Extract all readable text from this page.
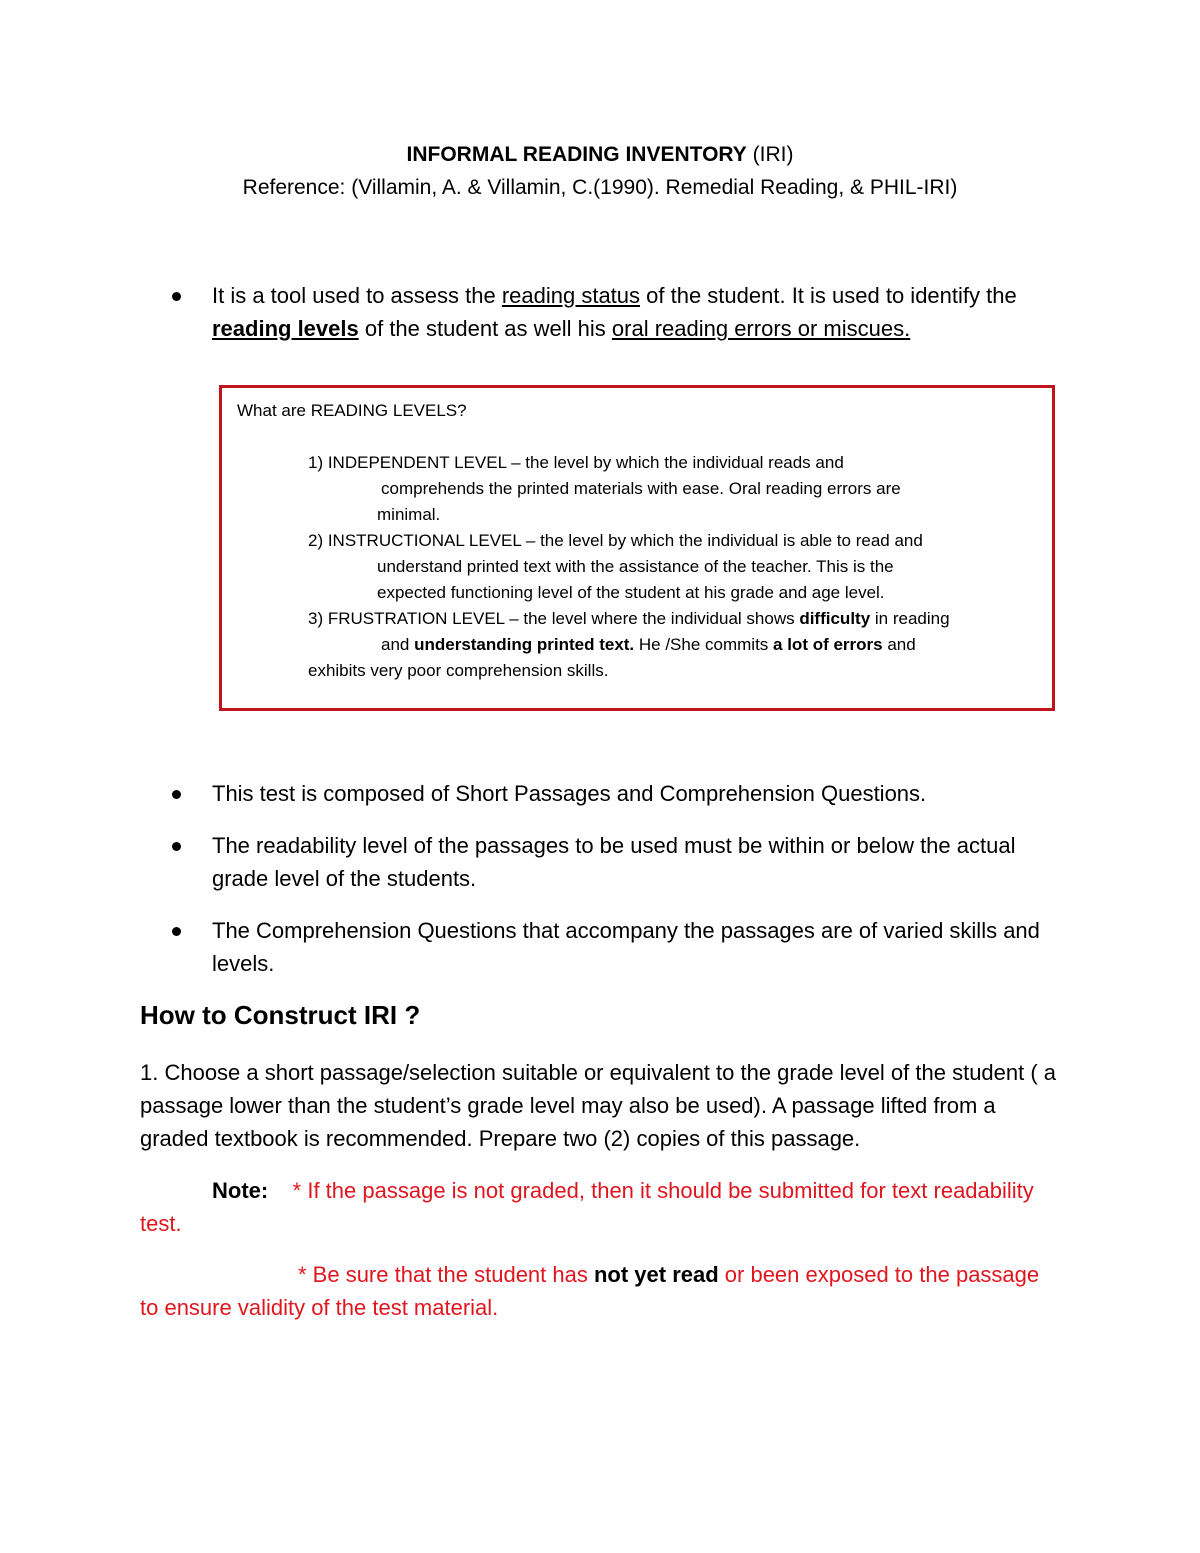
INFORMAL READING INVENTORY (IRI)
Reference: (Villamin, A. & Villamin, C.(1990). Remedial Reading, & PHIL-IRI)
It is a tool used to assess the reading status of the student. It is used to identify the reading levels of the student as well his oral reading errors or miscues.
What are READING LEVELS?
1) INDEPENDENT LEVEL – the level by which the individual reads and
comprehends the printed materials with ease. Oral reading errors are
minimal.
2) INSTRUCTIONAL LEVEL – the level by which the individual is able to read and
understand printed text with the assistance of the teacher. This is the
expected functioning level of the student at his grade and age level.
3) FRUSTRATION LEVEL – the level where the individual shows difficulty in reading
and understanding printed text. He /She commits a lot of errors and
exhibits very poor comprehension skills.
This test is composed of Short Passages and Comprehension Questions.
The readability level of the passages to be used must be within or below the actual grade level of the students.
The Comprehension Questions that accompany the passages are of varied skills and levels.
How to Construct IRI ?
1. Choose a short passage/selection suitable or equivalent to the grade level of the student ( a passage lower than the student’s grade level may also be used). A passage lifted from a graded textbook is recommended. Prepare two (2) copies of this passage.
Note: * If the passage is not graded, then it should be submitted for text readability test.
* Be sure that the student has not yet read or been exposed to the passage to ensure validity of the test material.
